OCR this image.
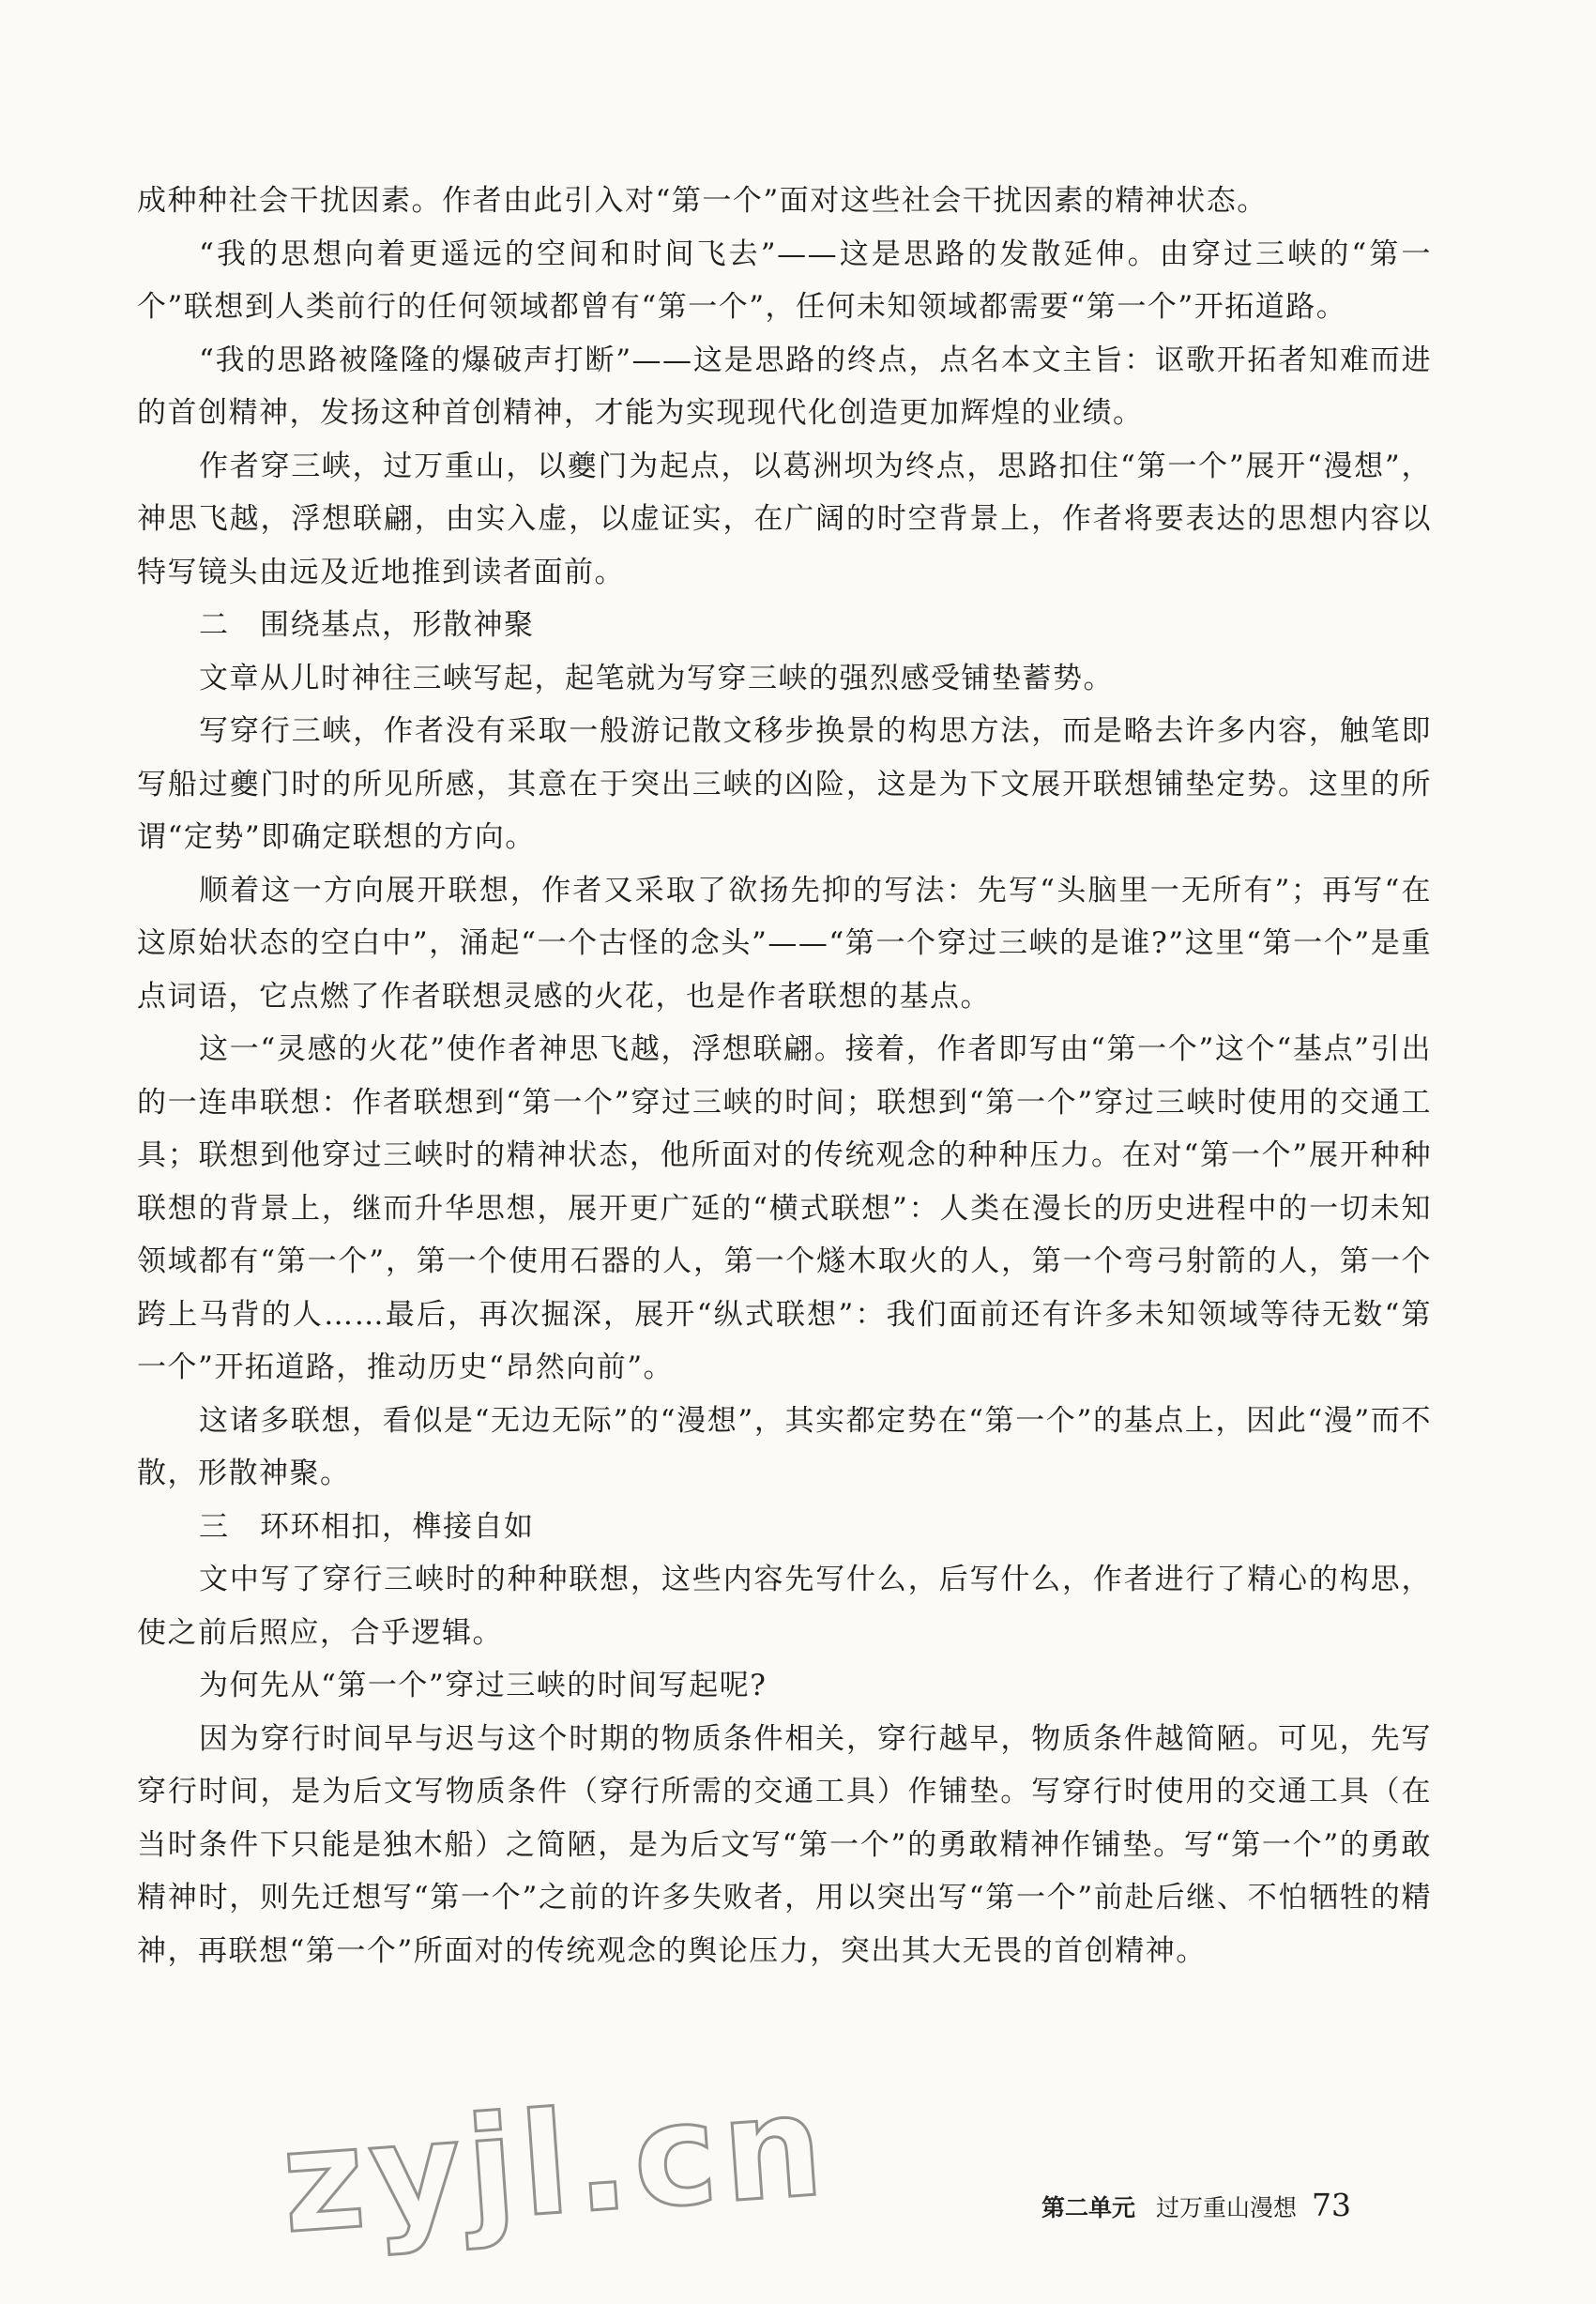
成种种社会干扰因素。作者由此引入对“第一个”面对这些社会干扰因素的精神状态。

“我的思想向着更遥远的空间和时间飞去”——这是思路的发散延伸。由穿过三峡的“第一个”联想到人类前行的任何领域都曾有“第一个”，任何未知领域都需要“第一个”开拓道路。

“我的思路被隆隆的爆破声打断”——这是思路的终点，点名本文主旨：讴歌开拓者知难而进的首创精神，发扬这种首创精神，才能为实现现代化创造更加辉煌的业绩。

作者穿三峡，过万重山，以夔门为起点，以葛洲坝为终点，思路扣住“第一个”展开“漫想”，神思飞越，浮想联翩，由实入虚，以虚证实，在广阔的时空背景上，作者将要表达的思想内容以特写镜头由远及近地推到读者面前。

二　围绕基点，形散神聚

文章从儿时神往三峡写起，起笔就为写穿三峡的强烈感受铺垫蓄势。

写穿行三峡，作者没有采取一般游记散文移步换景的构思方法，而是略去许多内容，触笔即写船过夔门时的所见所感，其意在于突出三峡的凶险，这是为下文展开联想铺垫定势。这里的所谓“定势”即确定联想的方向。

顺着这一方向展开联想，作者又采取了欲扬先抑的写法：先写“头脑里一无所有”；再写“在这原始状态的空白中”，涌起“一个古怪的念头”——“第一个穿过三峡的是谁?”这里“第一个”是重点词语，它点燃了作者联想灵感的火花，也是作者联想的基点。

这一“灵感的火花”使作者神思飞越，浮想联翩。接着，作者即写由“第一个”这个“基点”引出的一连串联想：作者联想到“第一个”穿过三峡的时间；联想到“第一个”穿过三峡时使用的交通工具；联想到他穿过三峡时的精神状态，他所面对的传统观念的种种压力。在对“第一个”展开种种联想的背景上，继而升华思想，展开更广延的“横式联想”：人类在漫长的历史进程中的一切未知领域都有“第一个”，第一个使用石器的人，第一个燧木取火的人，第一个弯弓射箭的人，第一个跨上马背的人……最后，再次掘深，展开“纵式联想”：我们面前还有许多未知领域等待无数“第一个”开拓道路，推动历史“昂然向前”。

这诸多联想，看似是“无边无际”的“漫想”，其实都定势在“第一个”的基点上，因此“漫”而不散，形散神聚。

三　环环相扣，榫接自如

文中写了穿行三峡时的种种联想，这些内容先写什么，后写什么，作者进行了精心的构思，使之前后照应，合乎逻辑。

为何先从“第一个”穿过三峡的时间写起呢?

因为穿行时间早与迟与这个时期的物质条件相关，穿行越早，物质条件越简陋。可见，先写穿行时间，是为后文写物质条件（穿行所需的交通工具）作铺垫。写穿行时使用的交通工具（在当时条件下只能是独木船）之简陋，是为后文写“第一个”的勇敢精神作铺垫。写“第一个”的勇敢精神时，则先迁想写“第一个”之前的许多失败者，用以突出写“第一个”前赴后继、不怕牺牲的精神，再联想“第一个”所面对的传统观念的舆论压力，突出其大无畏的首创精神。

zyjl.cn	第二单元 过万重山漫想 73
